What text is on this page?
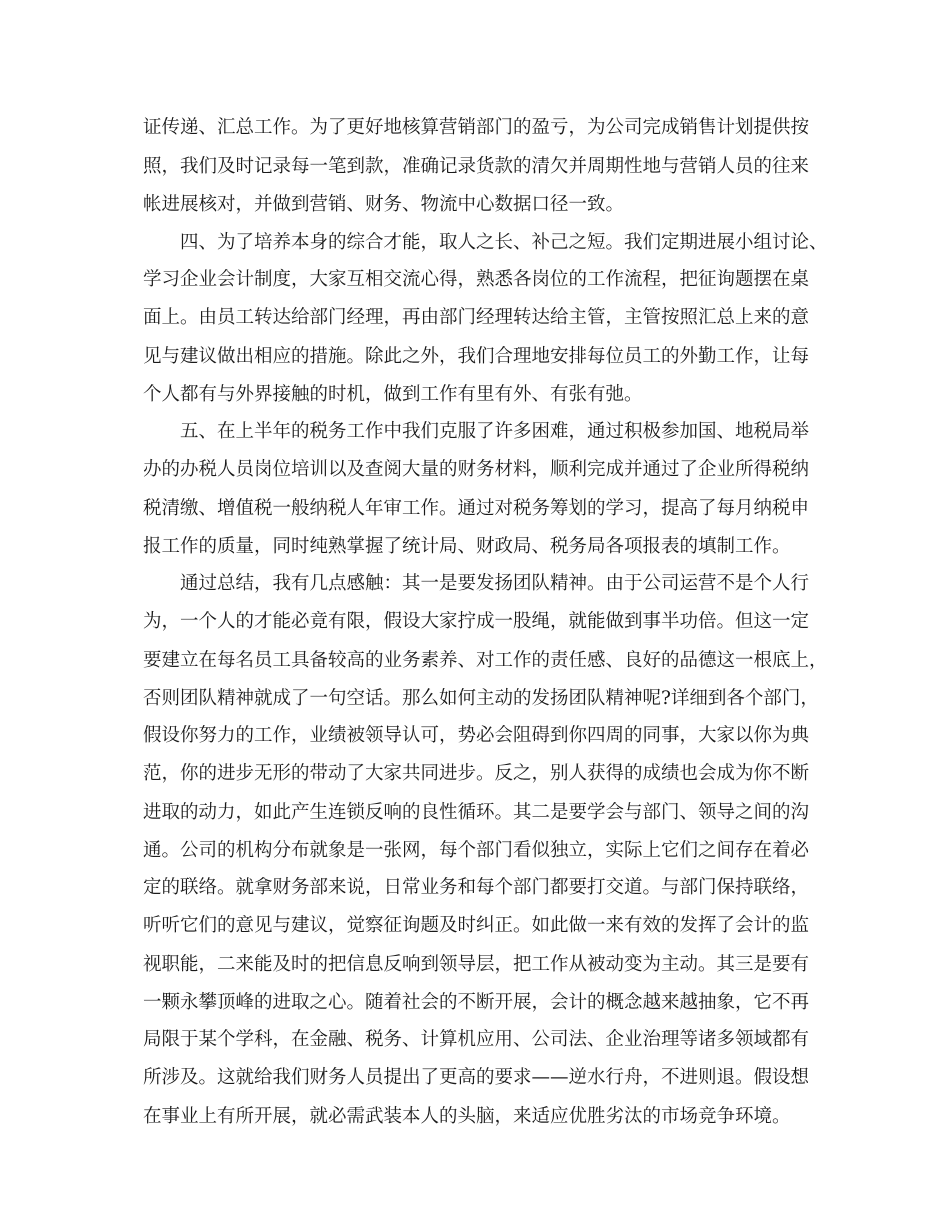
证传递、汇总工作。为了更好地核算营销部门的盈亏，为公司完成销售计划提供按
照，我们及时记录每一笔到款，准确记录货款的清欠并周期性地与营销人员的往来
帐进展核对，并做到营销、财务、物流中心数据口径一致。
四、为了培养本身的综合才能，取人之长、补己之短。我们定期进展小组讨论、
学习企业会计制度，大家互相交流心得，熟悉各岗位的工作流程，把征询题摆在桌
面上。由员工转达给部门经理，再由部门经理转达给主管，主管按照汇总上来的意
见与建议做出相应的措施。除此之外，我们合理地安排每位员工的外勤工作，让每
个人都有与外界接触的时机，做到工作有里有外、有张有弛。
五、在上半年的税务工作中我们克服了许多困难，通过积极参加国、地税局举
办的办税人员岗位培训以及查阅大量的财务材料，顺利完成并通过了企业所得税纳
税清缴、增值税一般纳税人年审工作。通过对税务筹划的学习，提高了每月纳税申
报工作的质量，同时纯熟掌握了统计局、财政局、税务局各项报表的填制工作。
通过总结，我有几点感触：其一是要发扬团队精神。由于公司运营不是个人行
为，一个人的才能必竟有限，假设大家拧成一股绳，就能做到事半功倍。但这一定
要建立在每名员工具备较高的业务素养、对工作的责任感、良好的品德这一根底上，
否则团队精神就成了一句空话。那么如何主动的发扬团队精神呢?详细到各个部门，
假设你努力的工作，业绩被领导认可，势必会阻碍到你四周的同事，大家以你为典
范，你的进步无形的带动了大家共同进步。反之，别人获得的成绩也会成为你不断
进取的动力，如此产生连锁反响的良性循环。其二是要学会与部门、领导之间的沟
通。公司的机构分布就象是一张网，每个部门看似独立，实际上它们之间存在着必
定的联络。就拿财务部来说，日常业务和每个部门都要打交道。与部门保持联络，
听听它们的意见与建议，觉察征询题及时纠正。如此做一来有效的发挥了会计的监
视职能，二来能及时的把信息反响到领导层，把工作从被动变为主动。其三是要有
一颗永攀顶峰的进取之心。随着社会的不断开展，会计的概念越来越抽象，它不再
局限于某个学科，在金融、税务、计算机应用、公司法、企业治理等诸多领域都有
所涉及。这就给我们财务人员提出了更高的要求——逆水行舟，不进则退。假设想
在事业上有所开展，就必需武装本人的头脑，来适应优胜劣汰的市场竞争环境。
